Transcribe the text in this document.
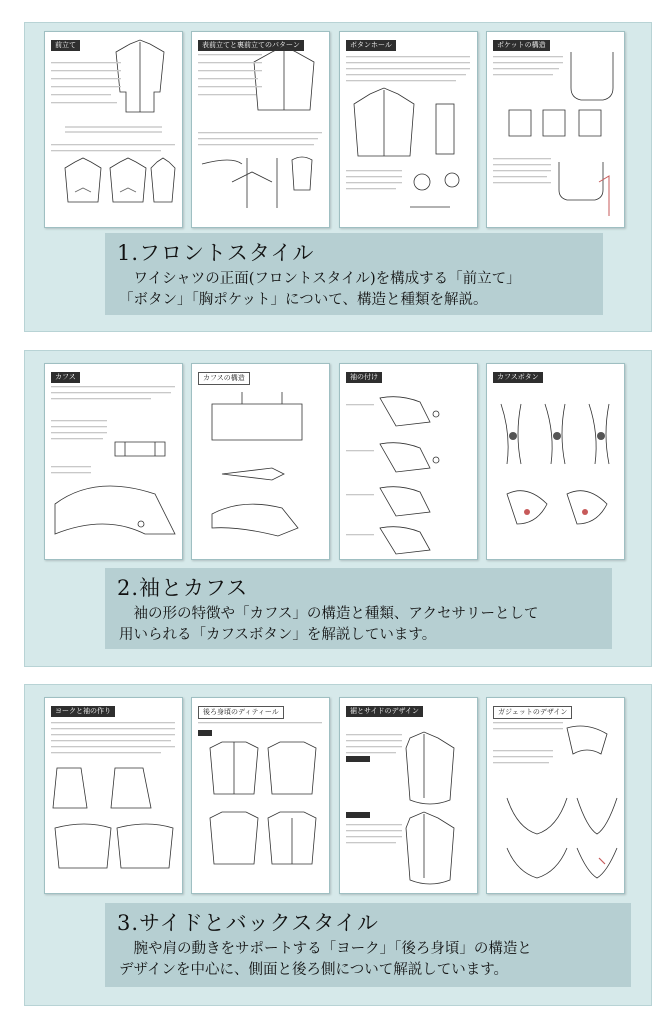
前立て	表前立てと裏前立てのパターン	ボタンホール	ポケットの構造
1.フロントスタイル
　ワイシャツの正面(フロントスタイル)を構成する「前立て」
「ボタン」「胸ポケット」について、構造と種類を解説。
カフス	カフスの構造	袖の付け	カフスボタン
2.袖とカフス
　袖の形の特徴や「カフス」の構造と種類、アクセサリーとして
用いられる「カフスボタン」を解説しています。
ヨークと袖の作り	後ろ身頃のディティール	裾とサイドのデザイン	ガジェットのデザイン
3.サイドとバックスタイル
　腕や肩の動きをサポートする「ヨーク」「後ろ身頃」の構造と
デザインを中心に、側面と後ろ側について解説しています。
